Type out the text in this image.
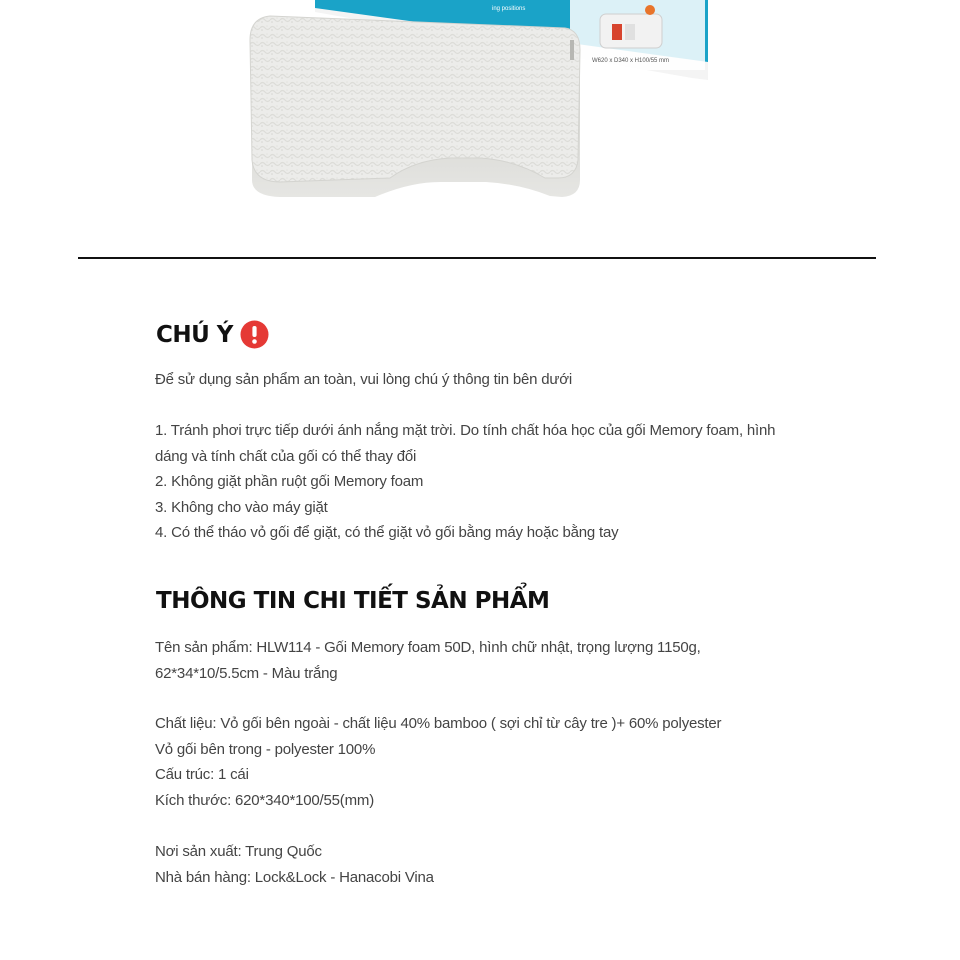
W620 x D340 x H100/55 mm
ing positions
CHÚ Ý
Để sử dụng sản phẩm an toàn, vui lòng chú ý thông tin bên dưới
1. Tránh phơi trực tiếp dưới ánh nắng mặt trời. Do tính chất hóa học của gối Memory foam, hình
dáng và tính chất của gối có thể thay đổi
2. Không giặt phần ruột gối Memory foam
3. Không cho vào máy giặt
4. Có thể tháo vỏ gối để giặt, có thể giặt vỏ gối bằng máy hoặc bằng tay
THÔNG TIN CHI TIẾT SẢN PHẨM
Tên sản phẩm: HLW114 - Gối Memory foam 50D, hình chữ nhật, trọng lượng 1150g,
62*34*10/5.5cm - Màu trắng
Chất liệu: Vỏ gối bên ngoài - chất liệu 40% bamboo ( sợi chỉ từ cây tre )+ 60% polyester
Vỏ gối bên trong - polyester 100%
Cấu trúc: 1 cái
Kích thước: 620*340*100/55(mm)
Nơi sản xuất: Trung Quốc
Nhà bán hàng: Lock&Lock - Hanacobi Vina
